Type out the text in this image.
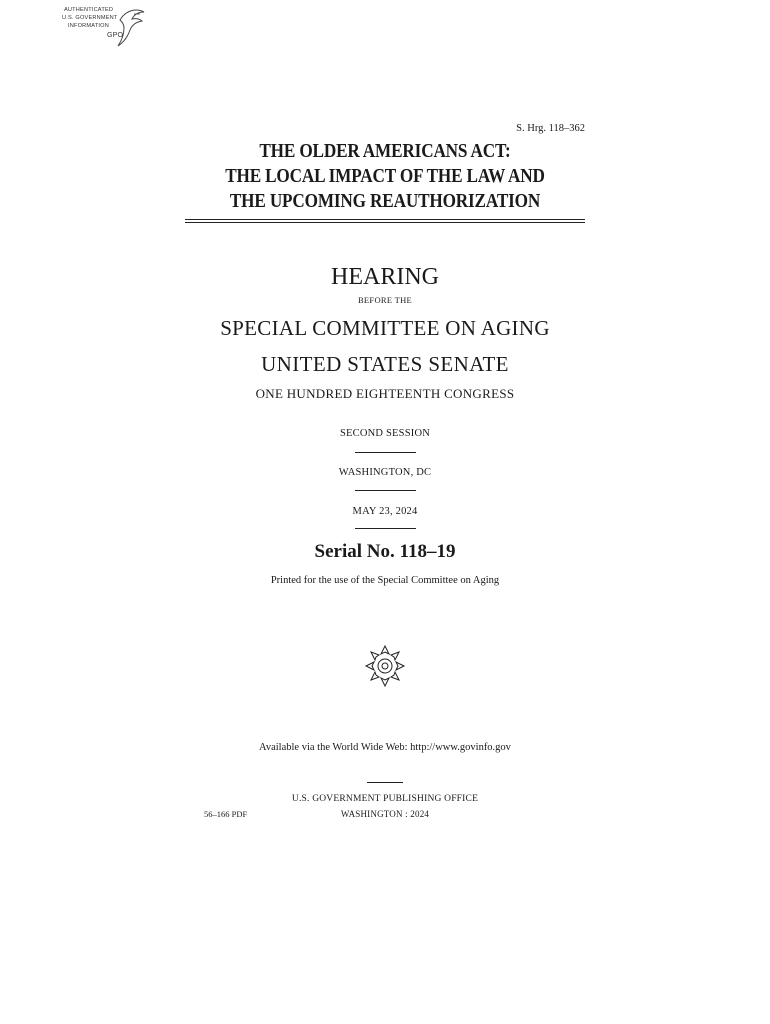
AUTHENTICATED
U.S. GOVERNMENT
INFORMATION
GPO
S. Hrg. 118–362
THE OLDER AMERICANS ACT:
THE LOCAL IMPACT OF THE LAW AND
THE UPCOMING REAUTHORIZATION
HEARING
BEFORE THE
SPECIAL COMMITTEE ON AGING
UNITED STATES SENATE
ONE HUNDRED EIGHTEENTH CONGRESS
SECOND SESSION
WASHINGTON, DC
MAY 23, 2024
Serial No. 118–19
Printed for the use of the Special Committee on Aging
Available via the World Wide Web: http://www.govinfo.gov
U.S. GOVERNMENT PUBLISHING OFFICE
56–166 PDF	WASHINGTON : 2024
